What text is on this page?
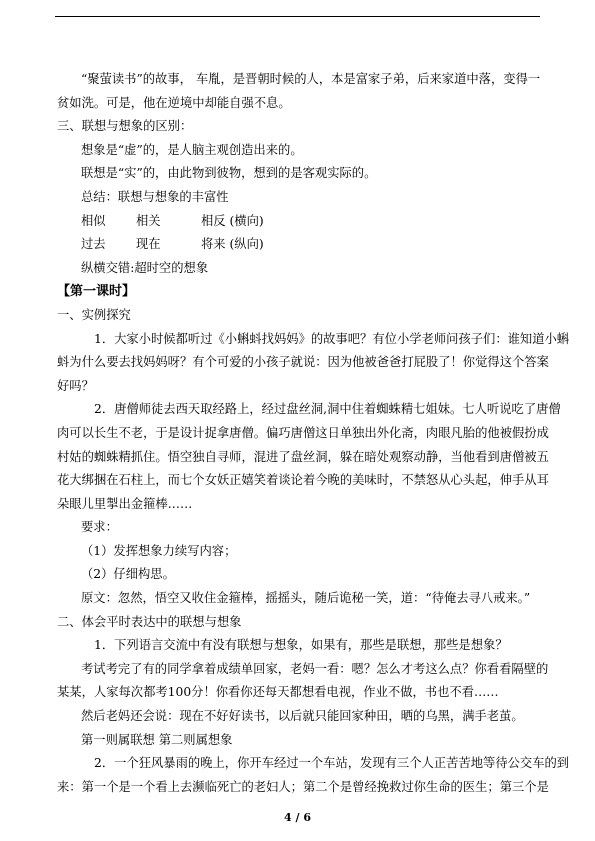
“聚萤读书”的故事， 车胤，是晋朝时候的人，本是富家子弟，后来家道中落，变得一
贫如洗。可是，他在逆境中却能自强不息。
三、联想与想象的区别：
想象是“虚”的，是人脑主观创造出来的。
联想是“实”的，由此物到彼物，想到的是客观实际的。
总结：联想与想象的丰富性
相似 相关	相反 (横向)
过去 现在	将来 (纵向)
纵横交错:超时空的想象
【第一课时】
一、实例探究
1．大家小时候都听过《小蝌蚪找妈妈》的故事吧？有位小学老师问孩子们：谁知道小蝌
蚪为什么要去找妈妈呀？有个可爱的小孩子就说：因为他被爸爸打屁股了！你觉得这个答案
好吗？
2．唐僧师徒去西天取经路上，经过盘丝洞,洞中住着蜘蛛精七姐妹。七人听说吃了唐僧
肉可以长生不老，于是设计捉拿唐僧。偏巧唐僧这日单独出外化斋，肉眼凡胎的他被假扮成
村姑的蜘蛛精抓住。悟空独自寻师，混进了盘丝洞，躲在暗处观察动静，当他看到唐僧被五
花大绑捆在石柱上，而七个女妖正嬉笑着谈论着今晚的美味时，不禁怒从心头起，伸手从耳
朵眼儿里掣出金箍棒……
要求：
（1）发挥想象力续写内容；
（2）仔细构思。
原文：忽然，悟空又收住金箍棒，摇摇头，随后诡秘一笑，道：“待俺去寻八戒来。”
二、体会平时表达中的联想与想象
1．下列语言交流中有没有联想与想象，如果有，那些是联想，那些是想象？
考试考完了有的同学拿着成绩单回家，老妈一看：嗯？怎么才考这么点？你看看隔壁的
某某，人家每次都考100分！你看你还每天都想看电视，作业不做，书也不看……
然后老妈还会说：现在不好好读书，以后就只能回家种田，晒的乌黑，满手老茧。
第一则属联想 第二则属想象
2．一个狂风暴雨的晚上，你开车经过一个车站，发现有三个人正苦苦地等待公交车的到
来：第一个是一个看上去濒临死亡的老妇人；第二个是曾经挽救过你生命的医生；第三个是
4 / 6
